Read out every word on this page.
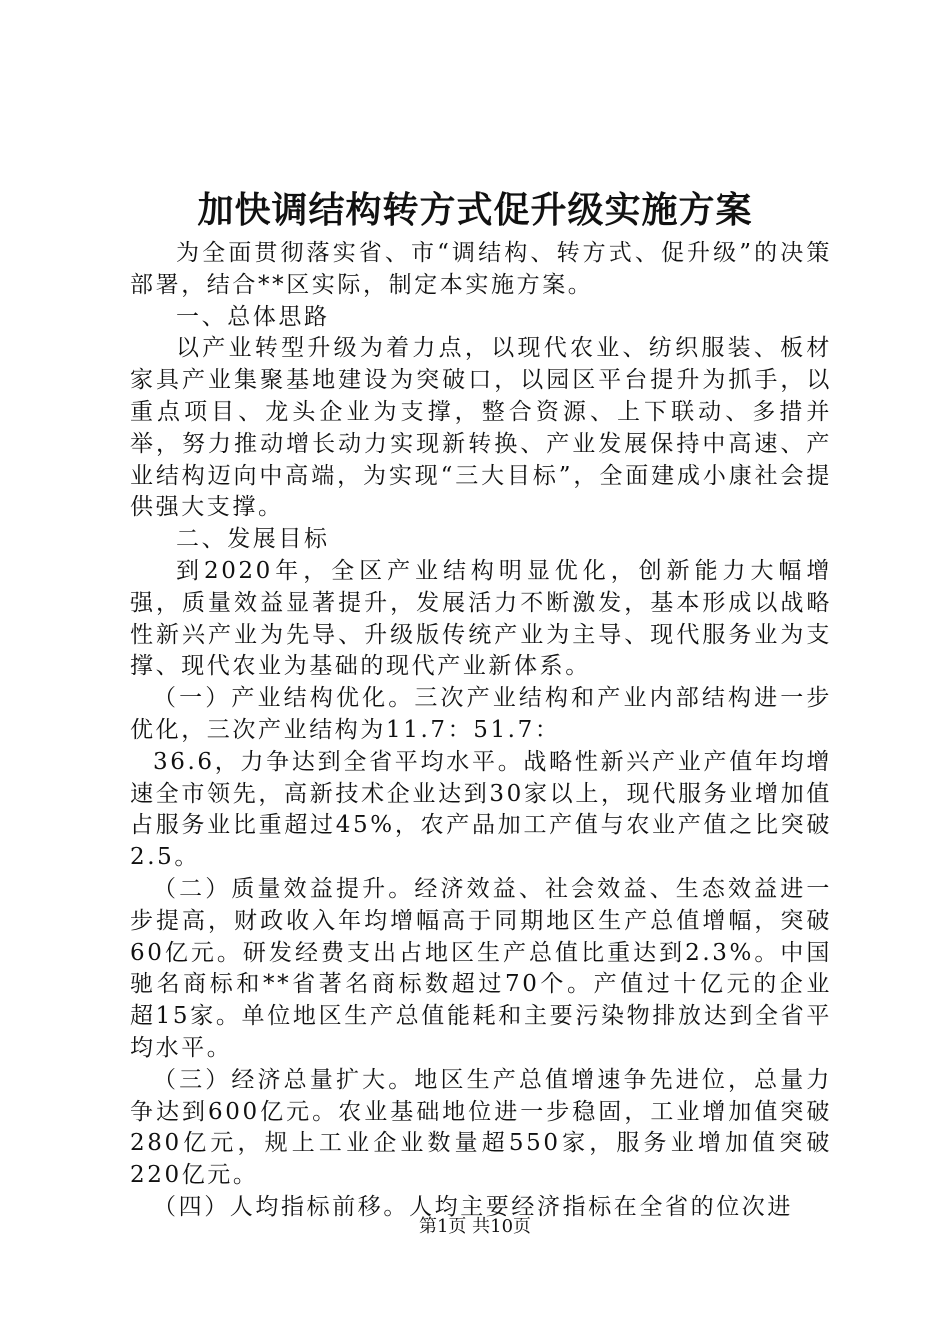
加快调结构转方式促升级实施方案

为全面贯彻落实省、市“调结构、转方式、促升级”的决策部署，结合**区实际，制定本实施方案。

一、总体思路

以产业转型升级为着力点，以现代农业、纺织服装、板材家具产业集聚基地建设为突破口，以园区平台提升为抓手，以重点项目、龙头企业为支撑，整合资源、上下联动、多措并举，努力推动增长动力实现新转换、产业发展保持中高速、产业结构迈向中高端，为实现“三大目标”，全面建成小康社会提供强大支撑。

二、发展目标

到2020年，全区产业结构明显优化，创新能力大幅增强，质量效益显著提升，发展活力不断激发，基本形成以战略性新兴产业为先导、升级版传统产业为主导、现代服务业为支撑、现代农业为基础的现代产业新体系。

（一）产业结构优化。三次产业结构和产业内部结构进一步优化，三次产业结构为11.7：51.7：

36.6，力争达到全省平均水平。战略性新兴产业产值年均增速全市领先，高新技术企业达到30家以上，现代服务业增加值占服务业比重超过45%，农产品加工产值与农业产值之比突破2.5。

（二）质量效益提升。经济效益、社会效益、生态效益进一步提高，财政收入年均增幅高于同期地区生产总值增幅，突破60亿元。研发经费支出占地区生产总值比重达到2.3%。中国驰名商标和**省著名商标数超过70个。产值过十亿元的企业超15家。单位地区生产总值能耗和主要污染物排放达到全省平均水平。

（三）经济总量扩大。地区生产总值增速争先进位，总量力争达到600亿元。农业基础地位进一步稳固，工业增加值突破280亿元，规上工业企业数量超550家，服务业增加值突破220亿元。

（四）人均指标前移。人均主要经济指标在全省的位次进

第1页 共10页
